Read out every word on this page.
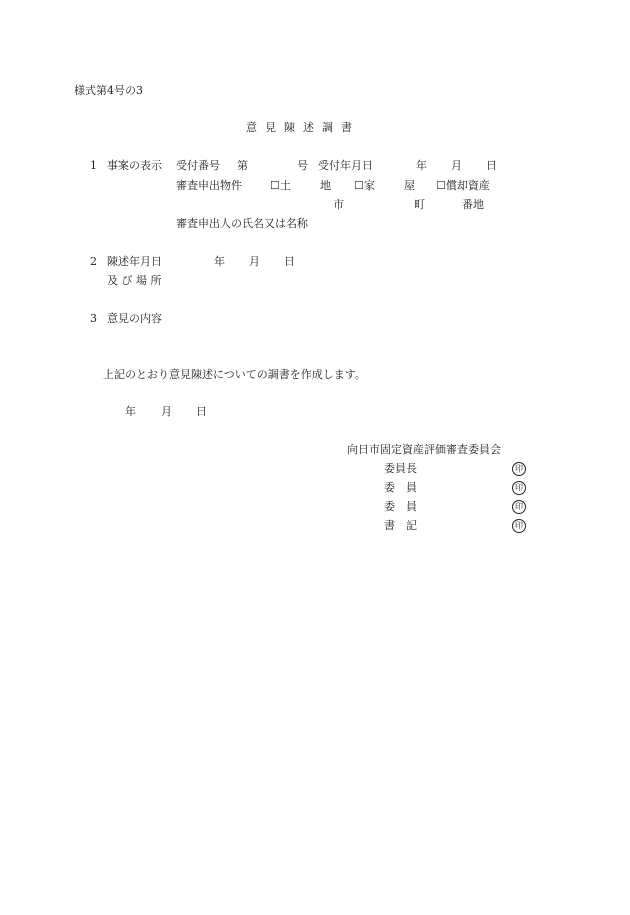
様式第4号の3
意見陳述調書
1 事案の表示 受付番号 第	号 受付年月日	年 月 日
審査申出物件	☐土	地 ☐家	屋 ☐償却資産
市	町	番地
審査申出人の氏名又は名称
2 陳述年月日	年 月 日
及 び 場 所
3 意見の内容
上記のとおり意見陳述についての調書を作成します。
年 月 日
向日市固定資産評価審査委員会
委員長	印
委　員	印
委　員	印
書　記	印
